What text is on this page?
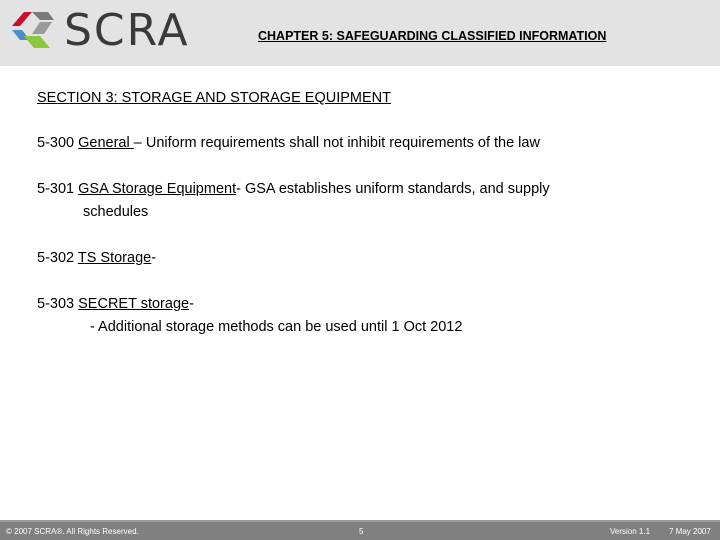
SCRA	CHAPTER 5: SAFEGUARDING CLASSIFIED INFORMATION
SECTION 3: STORAGE AND STORAGE EQUIPMENT
5-300 General – Uniform requirements shall not inhibit requirements of the law
5-301 GSA Storage Equipment- GSA establishes uniform standards, and supply
schedules
5-302 TS Storage-
5-303 SECRET storage-
- Additional storage methods can be used until 1 Oct 2012
© 2007 SCRA®. All Rights Reserved.	5	Version 1.1 7 May 2007
